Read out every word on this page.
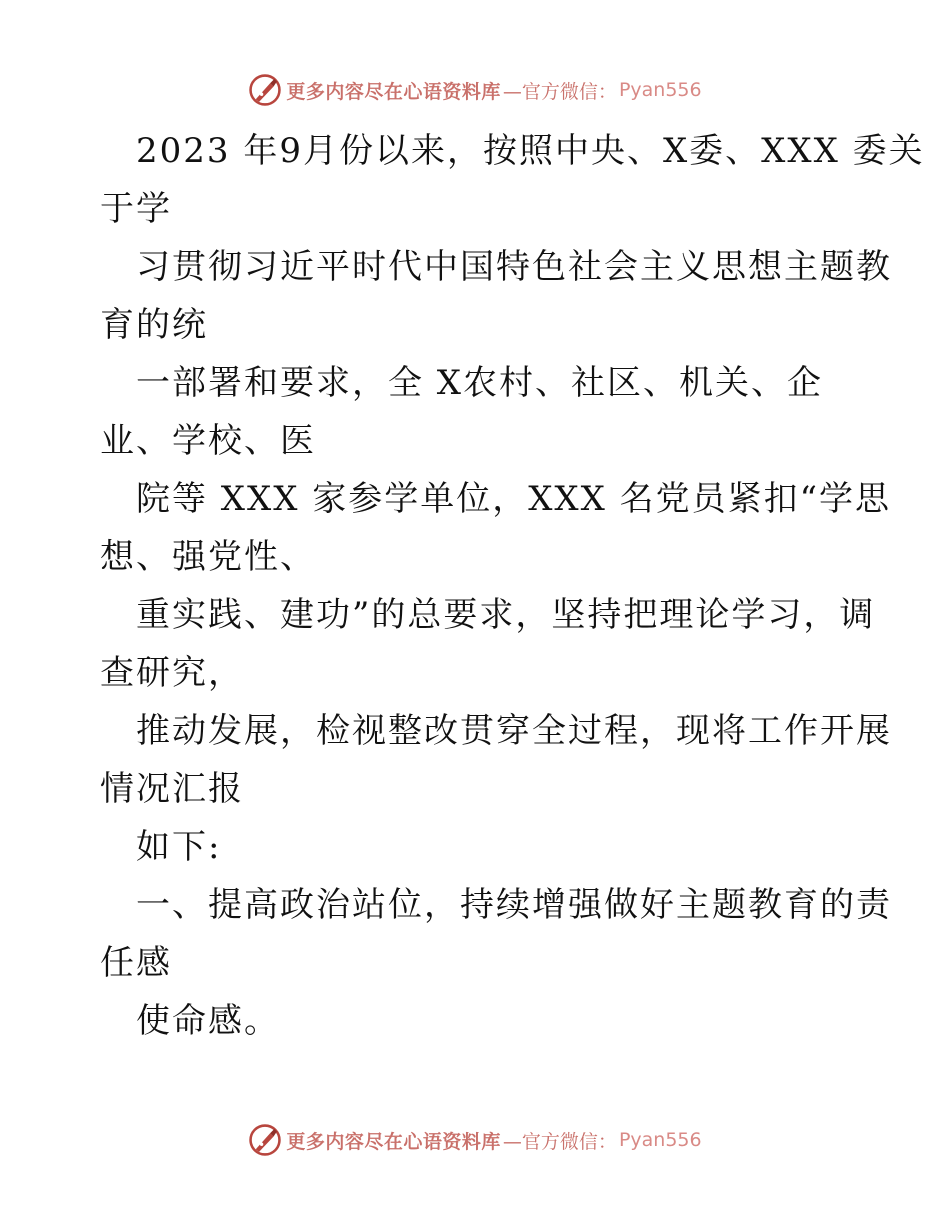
更多内容尽在心语资料库 —官方微信： Pyan556
2023 年9月份以来，按照中央、X委、XXX 委关
于学
习贯彻习近平时代中国特色社会主义思想主题教
育的统
一部署和要求，全 X农村、社区、机关、企
业、学校、医
院等 XXX 家参学单位，XXX 名党员紧扣“学思
想、强党性、
重实践、建功”的总要求，坚持把理论学习，调
查研究，
推动发展，检视整改贯穿全过程，现将工作开展
情况汇报
如下:
一、提高政治站位，持续增强做好主题教育的责
任感
使命感。
更多内容尽在心语资料库 —官方微信： Pyan556
